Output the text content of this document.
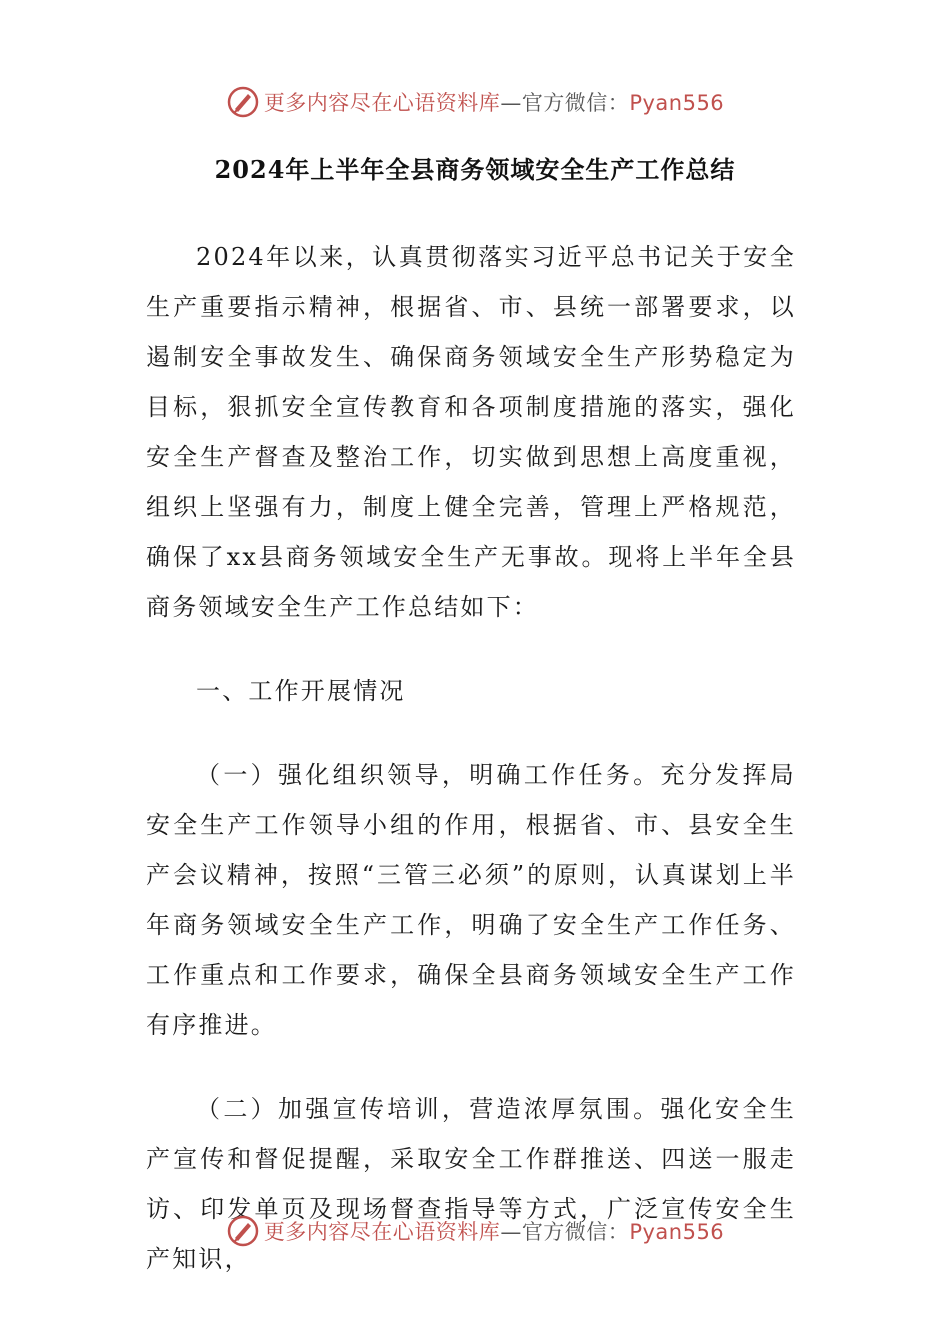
更多内容尽在心语资料库—官方微信：Pyan556
2024年上半年全县商务领域安全生产工作总结

2024年以来，认真贯彻落实习近平总书记关于安全生产重要指示精神，根据省、市、县统一部署要求，以遏制安全事故发生、确保商务领域安全生产形势稳定为目标，狠抓安全宣传教育和各项制度措施的落实，强化安全生产督查及整治工作，切实做到思想上高度重视，组织上坚强有力，制度上健全完善，管理上严格规范，确保了xx县商务领域安全生产无事故。现将上半年全县商务领域安全生产工作总结如下：

一、工作开展情况

（一）强化组织领导，明确工作任务。充分发挥局安全生产工作领导小组的作用，根据省、市、县安全生产会议精神，按照“三管三必须”的原则，认真谋划上半年商务领域安全生产工作，明确了安全生产工作任务、工作重点和工作要求，确保全县商务领域安全生产工作有序推进。

（二）加强宣传培训，营造浓厚氛围。强化安全生产宣传和督促提醒，采取安全工作群推送、四送一服走访、印发单页及现场督查指导等方式，广泛宣传安全生产知识，

更多内容尽在心语资料库—官方微信：Pyan556
